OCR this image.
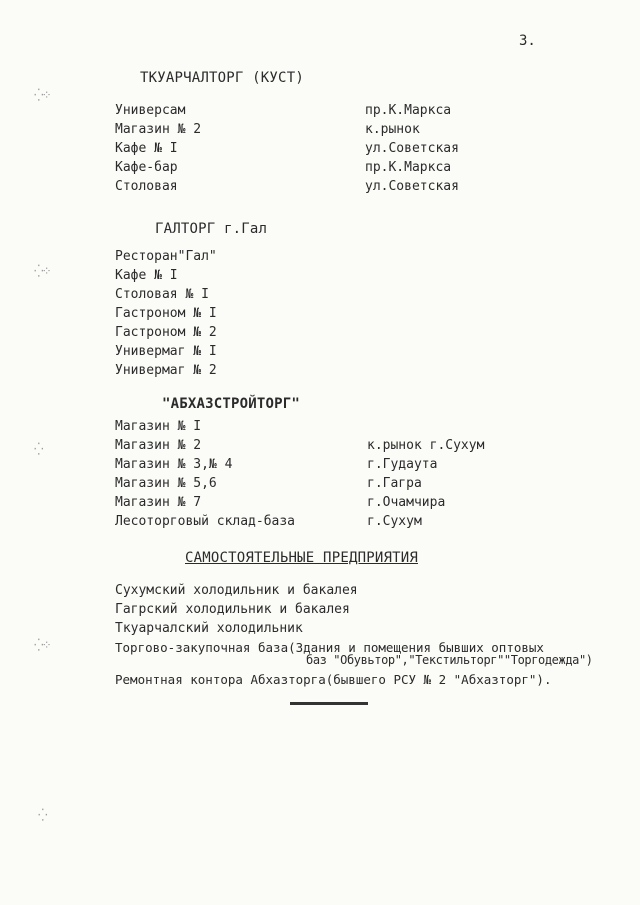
3.
⁛⁘
⁛⁘
⁛
⁛⁘
⁛
ТКУАРЧАЛТОРГ (КУСТ)
Универсам	пр.К.Маркса
Магазин № 2	к.рынок
Кафе № I	ул.Советская
Кафе-бар	пр.К.Маркса
Столовая	ул.Советская
ГАЛТОРГ г.Гал
Ресторан"Гал"
Кафе № I
Столовая № I
Гастроном № I
Гастроном № 2
Универмаг № I
Универмаг № 2
"АБХАЗСТРОЙТОРГ"
Магазин № I
Магазин № 2	к.рынок г.Сухум
Магазин № 3,№ 4	г.Гудаута
Магазин № 5,6	г.Гагра
Магазин № 7	г.Очамчира
Лесоторговый склад-база	г.Сухум
САМОСТОЯТЕЛЬНЫЕ ПРЕДПРИЯТИЯ
Сухумский холодильник и бакалея
Гагрский холодильник и бакалея
Ткуарчалский холодильник
Торгово-закупочная база(Здания и помещения бывших оптовых
баз "Обувьтор","Текстильторг""Торгодежда")
Ремонтная контора Абхазторга(бывшего РСУ № 2 "Абхазторг").
